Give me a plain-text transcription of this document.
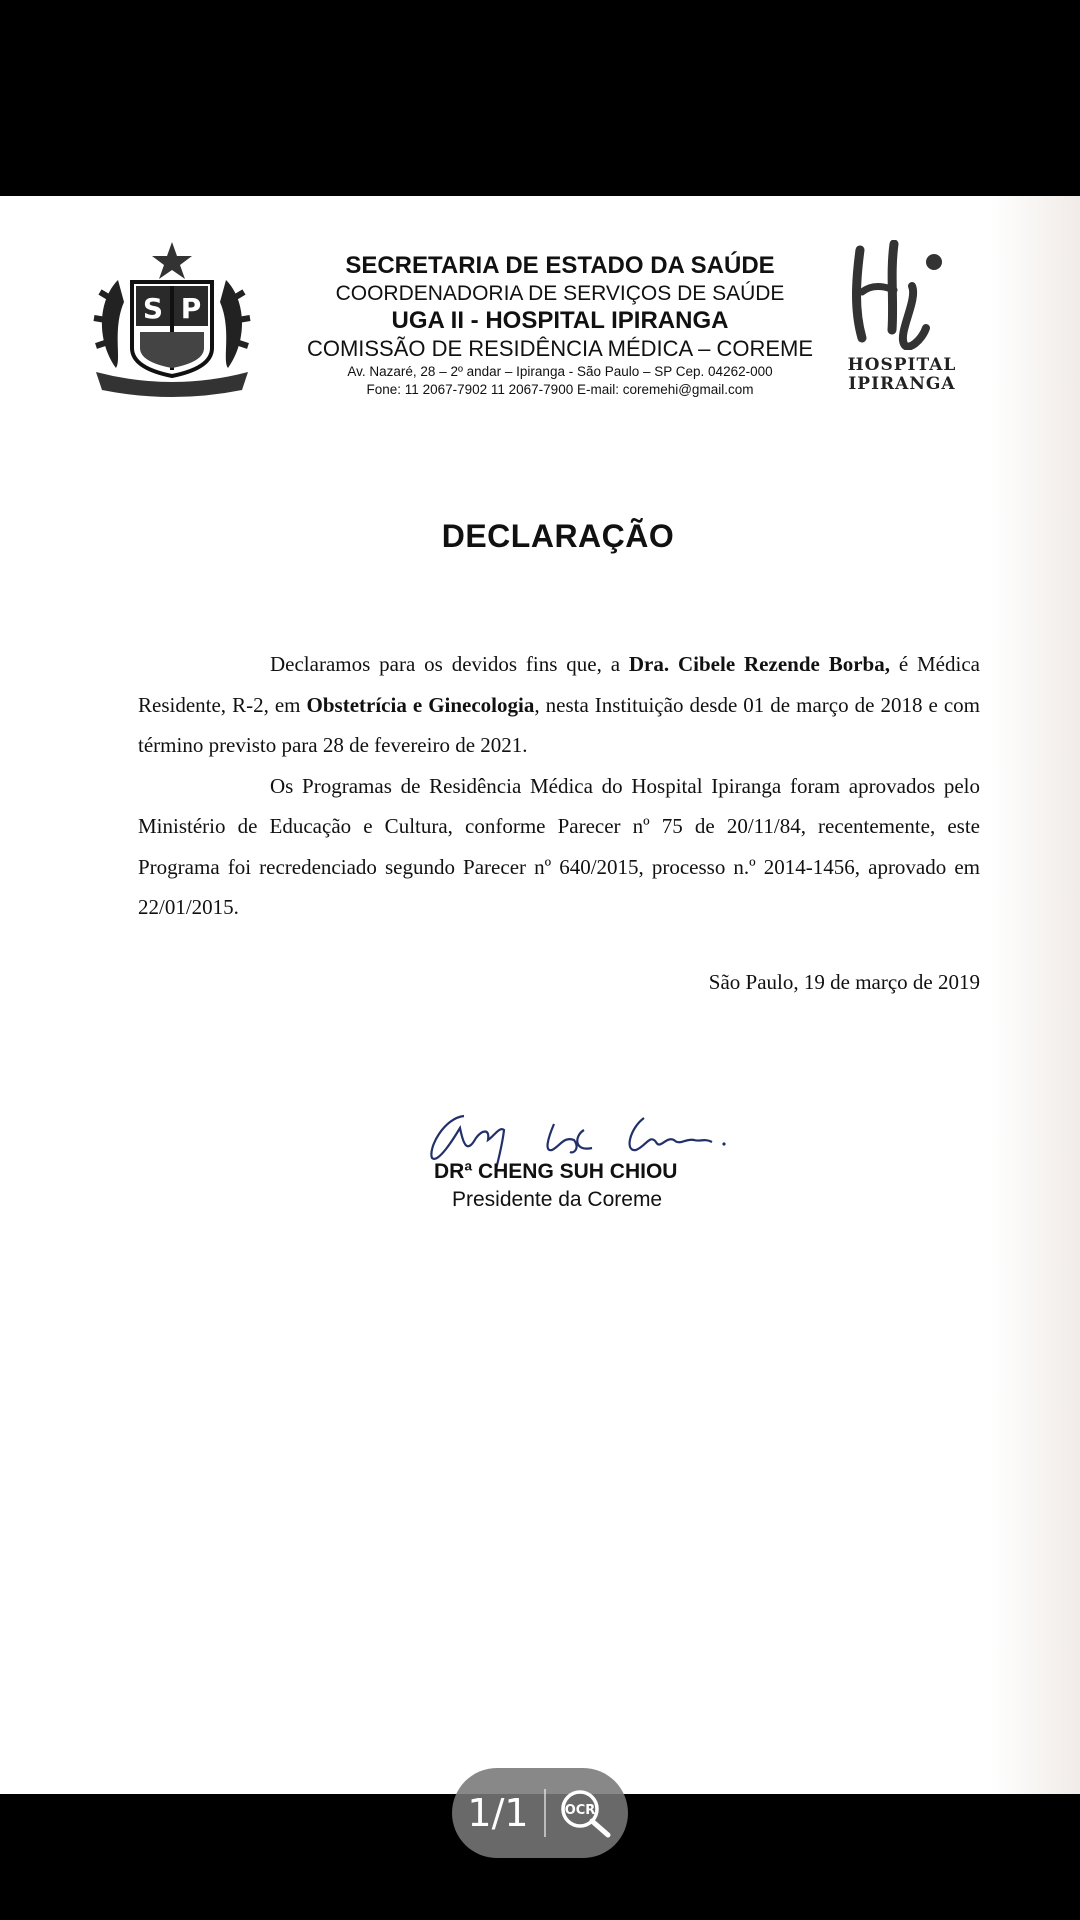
S P
SECRETARIA DE ESTADO DA SAÚDE
COORDENADORIA DE SERVIÇOS DE SAÚDE
UGA II - HOSPITAL IPIRANGA
COMISSÃO DE RESIDÊNCIA MÉDICA – COREME
Av. Nazaré, 28 – 2º andar – Ipiranga - São Paulo – SP Cep. 04262-000
Fone: 11 2067-7902 11 2067-7900 E-mail: coremehi@gmail.com
HOSPITAL
IPIRANGA
DECLARAÇÃO

Declaramos para os devidos fins que, a Dra. Cibele Rezende Borba, é Médica Residente, R-2, em Obstetrícia e Ginecologia, nesta Instituição desde 01 de março de 2018 e com término previsto para 28 de fevereiro de 2021.

Os Programas de Residência Médica do Hospital Ipiranga foram aprovados pelo Ministério de Educação e Cultura, conforme Parecer nº 75 de 20/11/84, recentemente, este Programa foi recredenciado segundo Parecer nº 640/2015, processo n.º 2014-1456, aprovado em 22/01/2015.

São Paulo, 19 de março de 2019
DRª CHENG SUH CHIOU
Presidente da Coreme
1/1	OCR
